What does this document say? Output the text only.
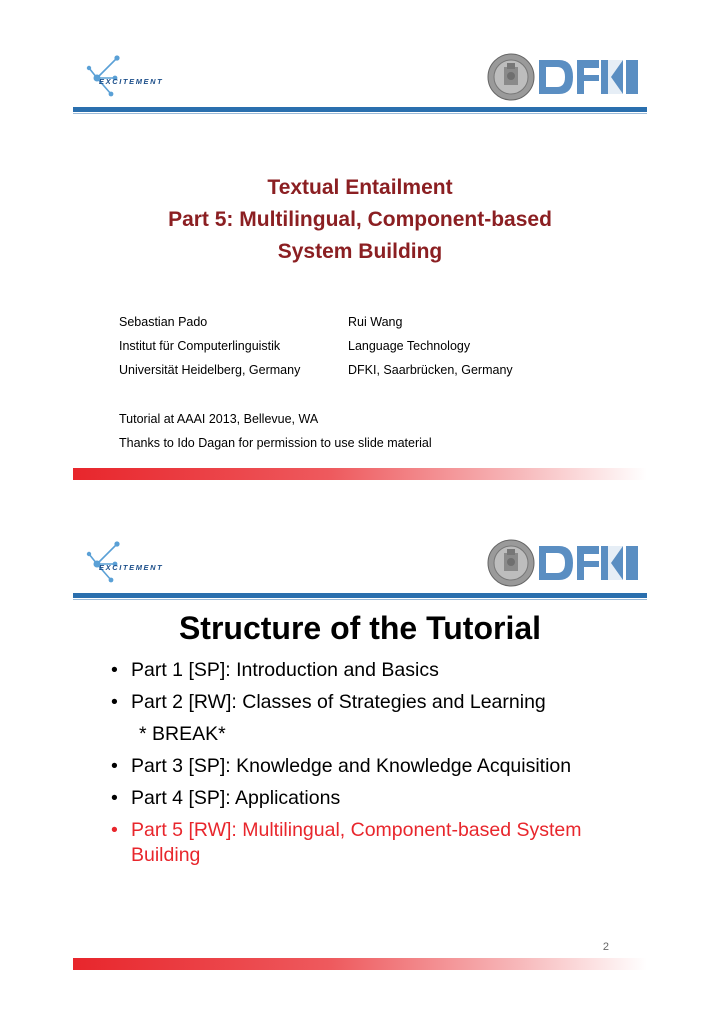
EXCITEMENT
Textual Entailment
Part 5: Multilingual, Component-based
System Building
Sebastian Pado
Institut für Computerlinguistik
Universität Heidelberg, Germany
Rui Wang
Language Technology
DFKI, Saarbrücken, Germany
Tutorial at AAAI 2013, Bellevue, WA
Thanks to Ido Dagan for permission to use slide material
EXCITEMENT
Structure of the Tutorial
• Part 1 [SP]: Introduction and Basics
• Part 2 [RW]: Classes of Strategies and Learning
* BREAK*
• Part 3 [SP]: Knowledge and Knowledge Acquisition
• Part 4 [SP]: Applications
• Part 5 [RW]: Multilingual, Component-based System Building
2
